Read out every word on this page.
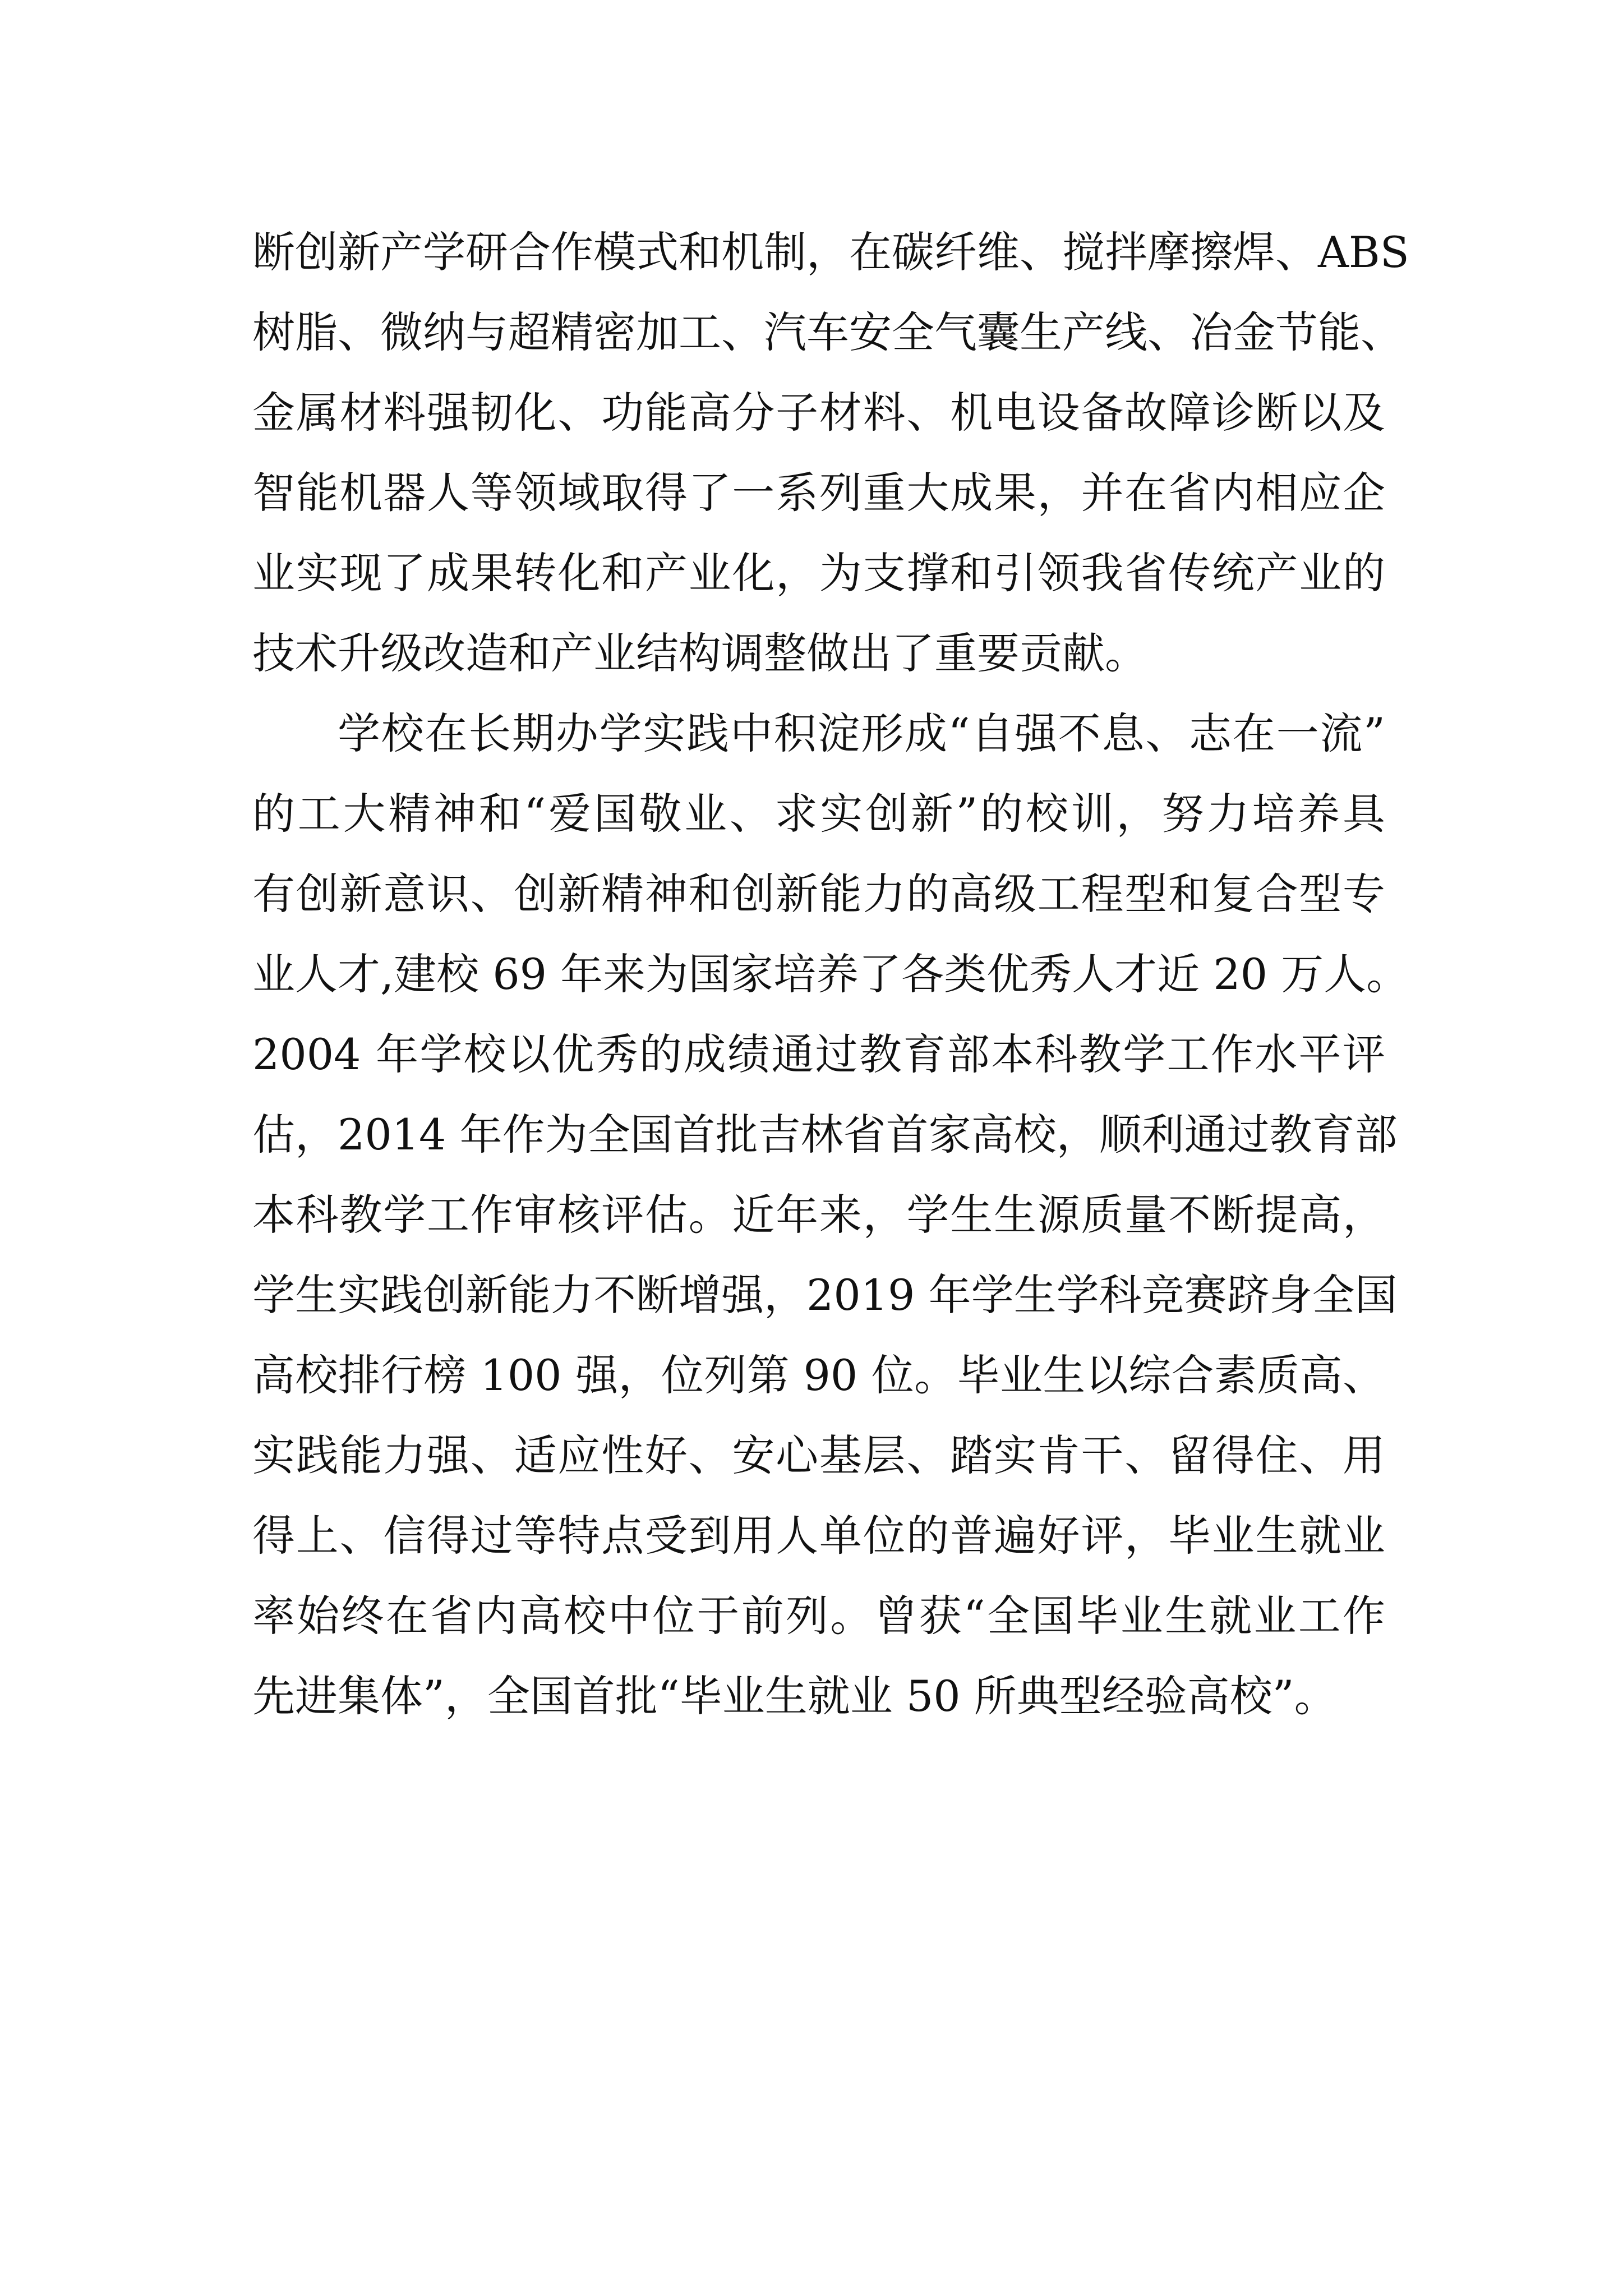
断创新产学研合作模式和机制，在碳纤维、搅拌摩擦焊、ABS
树脂、微纳与超精密加工、汽车安全气囊生产线、冶金节能、
金属材料强韧化、功能高分子材料、机电设备故障诊断以及
智能机器人等领域取得了一系列重大成果，并在省内相应企
业实现了成果转化和产业化，为支撑和引领我省传统产业的
技术升级改造和产业结构调整做出了重要贡献。
学校在长期办学实践中积淀形成“自强不息、志在一流”
的工大精神和“爱国敬业、求实创新”的校训，努力培养具
有创新意识、创新精神和创新能力的高级工程型和复合型专
业人才,建校 69 年来为国家培养了各类优秀人才近 20 万人。
2004 年学校以优秀的成绩通过教育部本科教学工作水平评
估，2014 年作为全国首批吉林省首家高校，顺利通过教育部
本科教学工作审核评估。近年来，学生生源质量不断提高，
学生实践创新能力不断增强，2019 年学生学科竞赛跻身全国
高校排行榜 100 强，位列第 90 位。毕业生以综合素质高、
实践能力强、适应性好、安心基层、踏实肯干、留得住、用
得上、信得过等特点受到用人单位的普遍好评，毕业生就业
率始终在省内高校中位于前列。曾获“全国毕业生就业工作
先进集体”，全国首批“毕业生就业 50 所典型经验高校”。
